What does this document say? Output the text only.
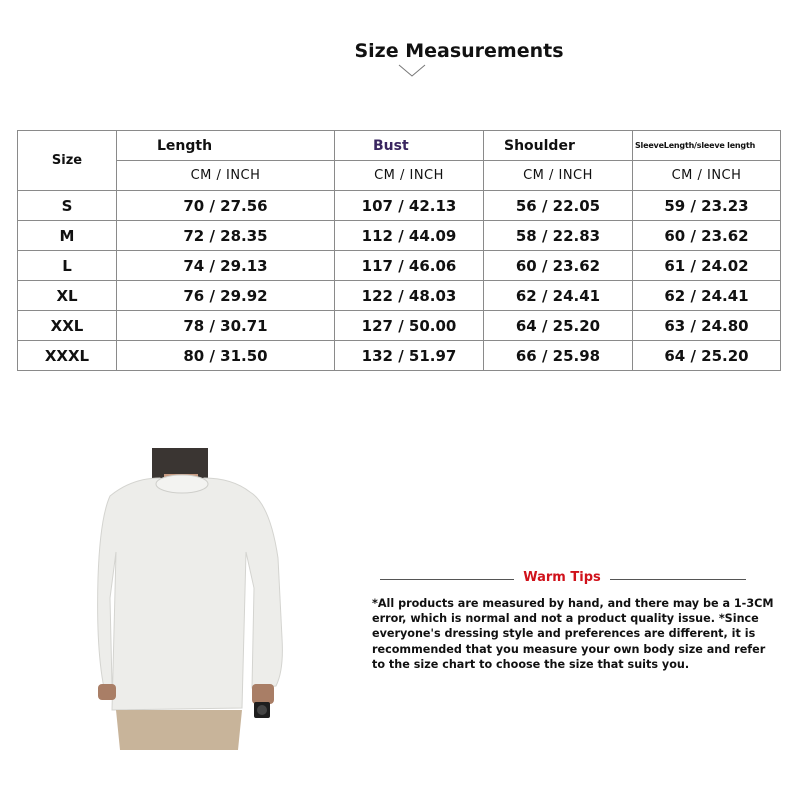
Size Measurements
Size	Length	Bust	Shoulder	SleeveLength/sleeve length
	CM / INCH	CM / INCH	CM / INCH	CM / INCH
S	70 / 27.56	107 / 42.13	56 / 22.05	59 / 23.23
M	72 / 28.35	112 / 44.09	58 / 22.83	60 / 23.62
L	74 / 29.13	117 / 46.06	60 / 23.62	61 / 24.02
XL	76 / 29.92	122 / 48.03	62 / 24.41	62 / 24.41
XXL	78 / 30.71	127 / 50.00	64 / 25.20	63 / 24.80
XXXL	80 / 31.50	132 / 51.97	66 / 25.98	64 / 25.20
Warm Tips
*All products are measured by hand, and there may be a 1-3CM
error, which is normal and not a product quality issue. *Since
everyone's dressing style and preferences are different, it is
recommended that you measure your own body size and refer
to the size chart to choose the size that suits you.
